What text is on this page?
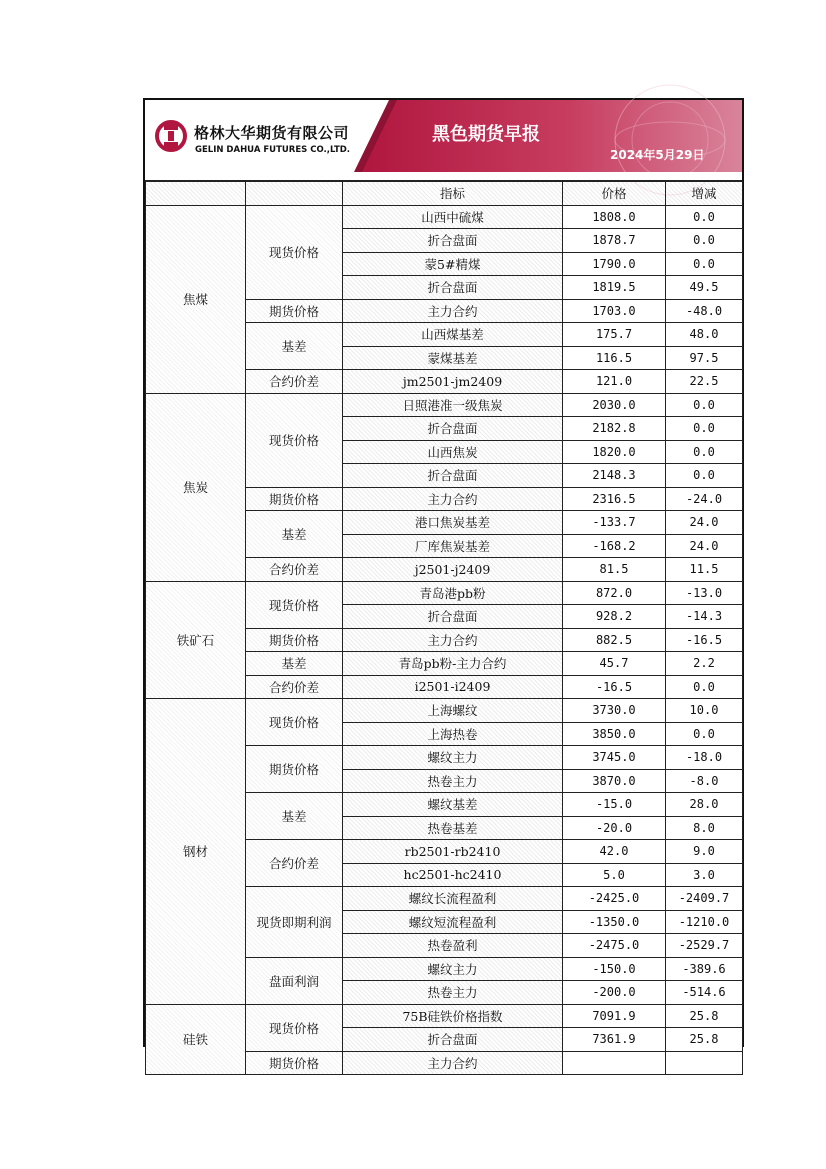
格林大华期货有限公司
GELIN DAHUA FUTURES CO.,LTD.
黑色期货早报
2024年5月29日
		指标	价格	增减
焦煤	现货价格	山西中硫煤	1808.0	0.0
		折合盘面	1878.7	0.0
		蒙5#精煤	1790.0	0.0
		折合盘面	1819.5	49.5
	期货价格	主力合约	1703.0	-48.0
	基差	山西煤基差	175.7	48.0
		蒙煤基差	116.5	97.5
	合约价差	jm2501-jm2409	121.0	22.5
焦炭	现货价格	日照港准一级焦炭	2030.0	0.0
		折合盘面	2182.8	0.0
		山西焦炭	1820.0	0.0
		折合盘面	2148.3	0.0
	期货价格	主力合约	2316.5	-24.0
	基差	港口焦炭基差	-133.7	24.0
		厂库焦炭基差	-168.2	24.0
	合约价差	j2501-j2409	81.5	11.5
铁矿石	现货价格	青岛港pb粉	872.0	-13.0
		折合盘面	928.2	-14.3
	期货价格	主力合约	882.5	-16.5
	基差	青岛pb粉-主力合约	45.7	2.2
	合约价差	i2501-i2409	-16.5	0.0
钢材	现货价格	上海螺纹	3730.0	10.0
		上海热卷	3850.0	0.0
	期货价格	螺纹主力	3745.0	-18.0
		热卷主力	3870.0	-8.0
	基差	螺纹基差	-15.0	28.0
		热卷基差	-20.0	8.0
	合约价差	rb2501-rb2410	42.0	9.0
		hc2501-hc2410	5.0	3.0
	现货即期利润	螺纹长流程盈利	-2425.0	-2409.7
		螺纹短流程盈利	-1350.0	-1210.0
		热卷盈利	-2475.0	-2529.7
	盘面利润	螺纹主力	-150.0	-389.6
		热卷主力	-200.0	-514.6
硅铁	现货价格	75B硅铁价格指数	7091.9	25.8
		折合盘面	7361.9	25.8
	期货价格	主力合约		
